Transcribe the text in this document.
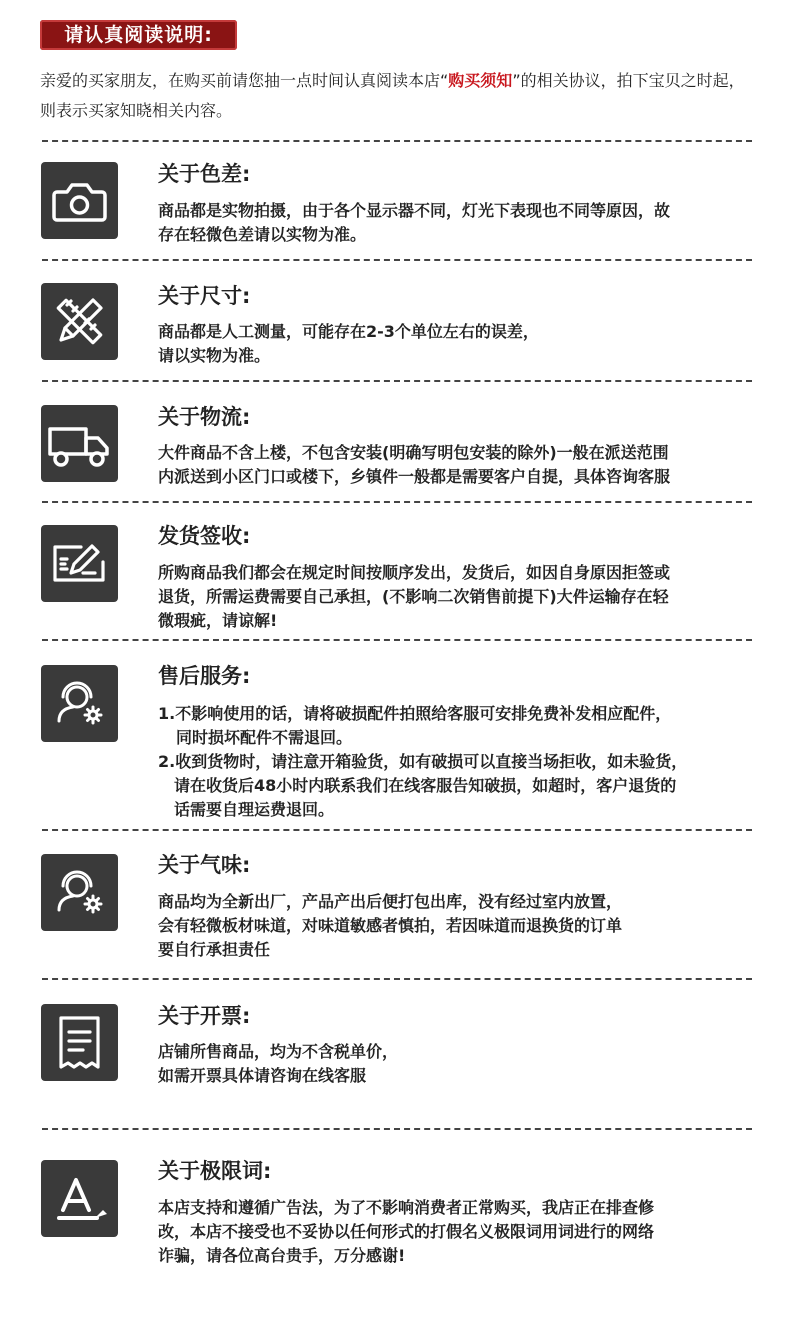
请认真阅读说明:
亲爱的买家朋友，在购买前请您抽一点时间认真阅读本店“购买须知”的相关协议，拍下宝贝之时起，则表示买家知晓相关内容。
关于色差:

商品都是实物拍摄，由于各个显示器不同，灯光下表现也不同等原因，故
存在轻微色差请以实物为准。

关于尺寸:

商品都是人工测量，可能存在2-3个单位左右的误差，
请以实物为准。

关于物流:

大件商品不含上楼，不包含安装(明确写明包安装的除外)一般在派送范围
内派送到小区门口或楼下，乡镇件一般都是需要客户自提，具体咨询客服

发货签收:

所购商品我们都会在规定时间按顺序发出，发货后，如因自身原因拒签或
退货，所需运费需要自己承担，(不影响二次销售前提下)大件运输存在轻
微瑕疵，请谅解!

售后服务:

1.不影响使用的话，请将破损配件拍照给客服可安排免费补发相应配件，

同时损坏配件不需退回。

2.收到货物时，请注意开箱验货，如有破损可以直接当场拒收，如未验货，

请在收货后48小时内联系我们在线客服告知破损，如超时，客户退货的
话需要自理运费退回。

关于气味:

商品均为全新出厂，产品产出后便打包出库，没有经过室内放置，
会有轻微板材味道，对味道敏感者慎拍，若因味道而退换货的订单
要自行承担责任

关于开票:

店铺所售商品，均为不含税单价，
如需开票具体请咨询在线客服

关于极限词:

本店支持和遵循广告法，为了不影响消费者正常购买，我店正在排查修
改，本店不接受也不妥协以任何形式的打假名义极限词用词进行的网络
诈骗，请各位高台贵手，万分感谢!
